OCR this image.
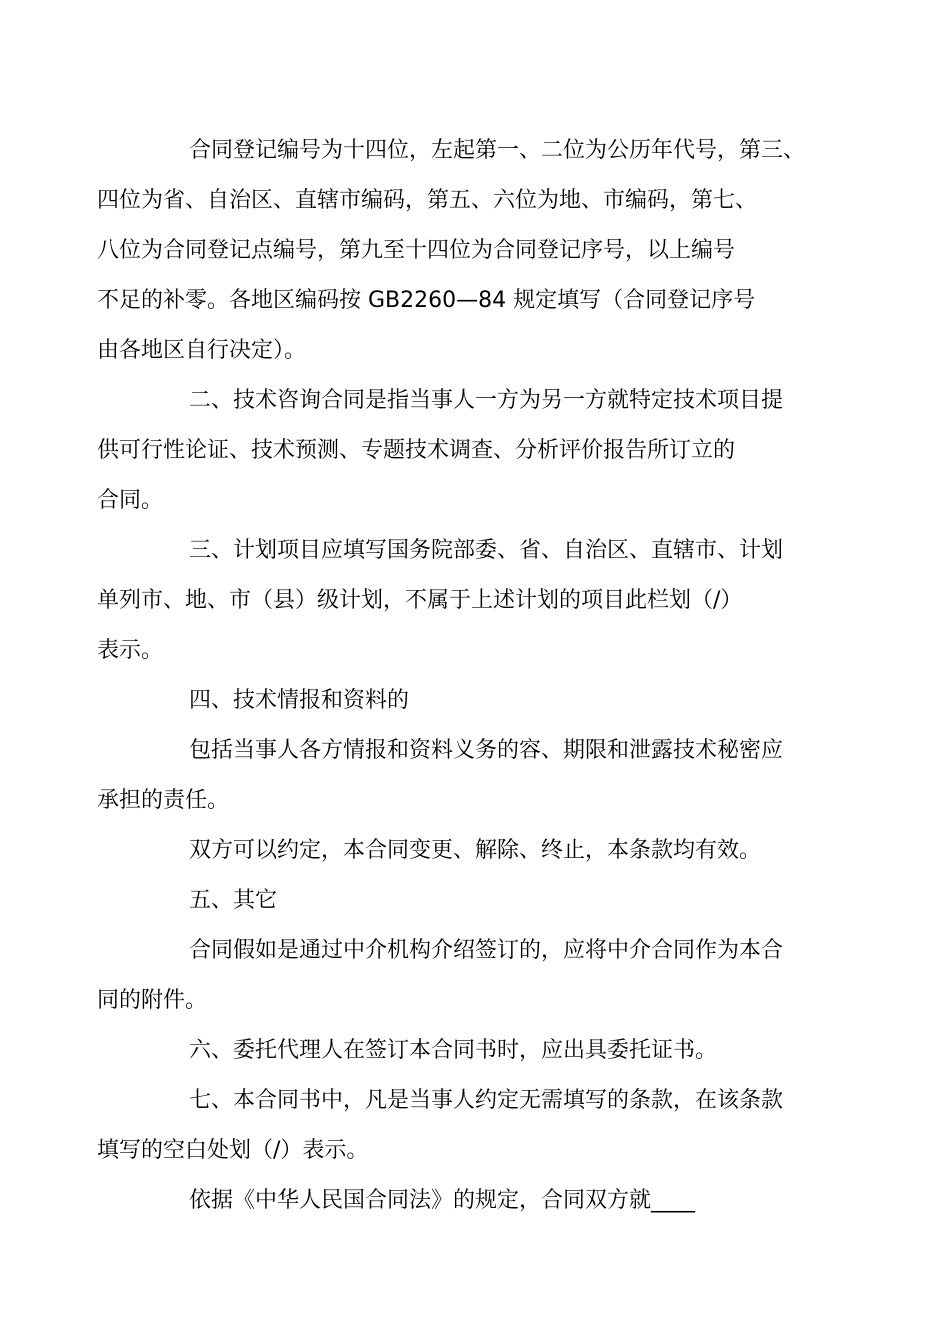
合同登记编号为十四位，左起第一、二位为公历年代号，第三、
四位为省、自治区、直辖市编码，第五、六位为地、市编码，第七、
八位为合同登记点编号，第九至十四位为合同登记序号，以上编号
不足的补零。各地区编码按 GB2260—84 规定填写（合同登记序号
由各地区自行决定）。

二、技术咨询合同是指当事人一方为另一方就特定技术项目提
供可行性论证、技术预测、专题技术调查、分析评价报告所订立的
合同。

三、计划项目应填写国务院部委、省、自治区、直辖市、计划
单列市、地、市（县）级计划，不属于上述计划的项目此栏划（/）
表示。

四、技术情报和资料的

包括当事人各方情报和资料义务的容、期限和泄露技术秘密应
承担的责任。

双方可以约定，本合同变更、解除、终止，本条款均有效。

五、其它

合同假如是通过中介机构介绍签订的，应将中介合同作为本合
同的附件。

六、委托代理人在签订本合同书时，应出具委托证书。

七、本合同书中，凡是当事人约定无需填写的条款，在该条款
填写的空白处划（/）表示。

依据《中华人民国合同法》的规定，合同双方就____
